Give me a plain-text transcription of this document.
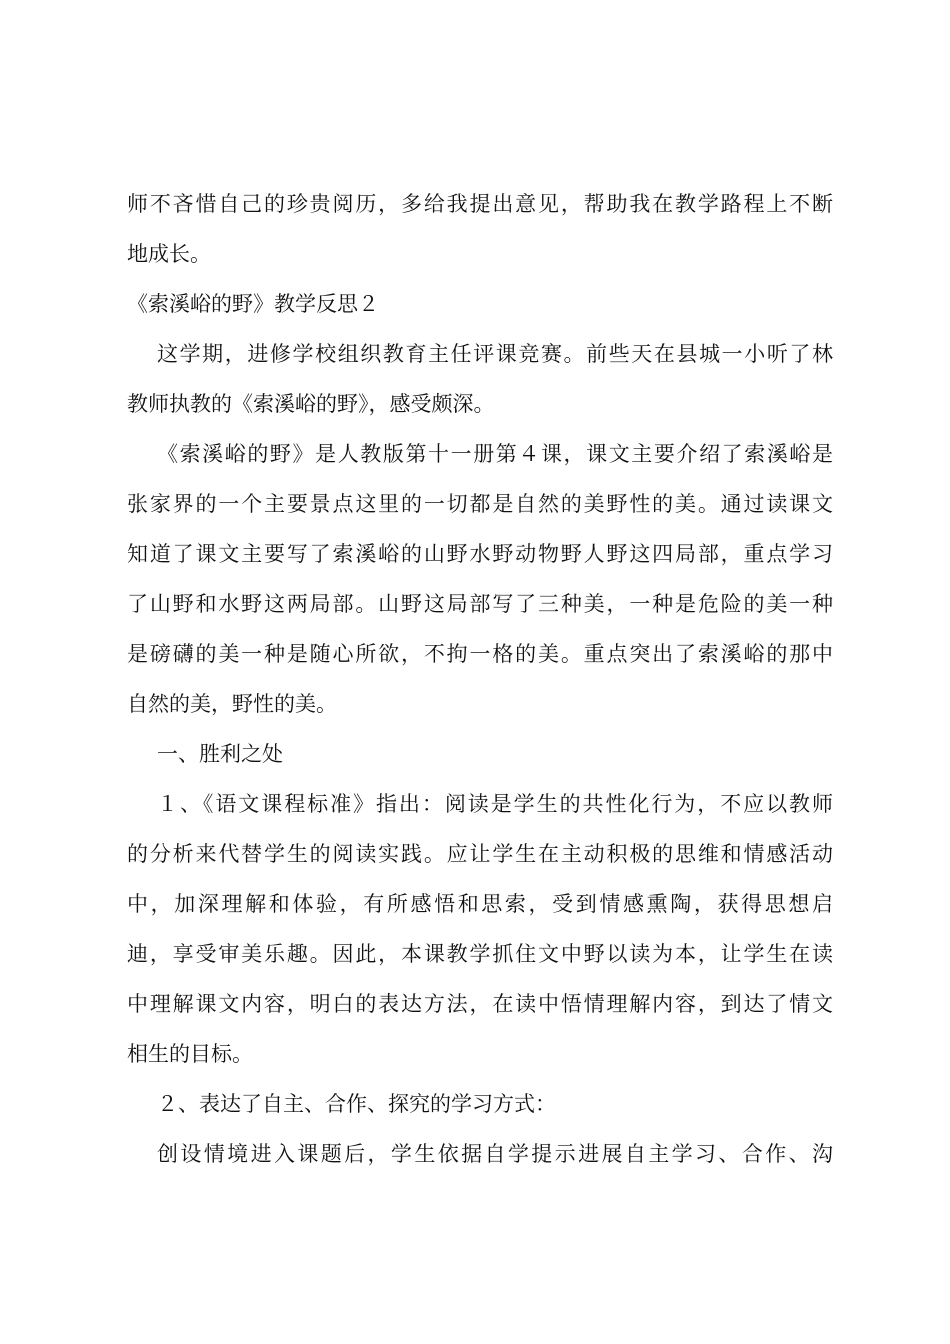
师不吝惜自己的珍贵阅历，多给我提出意见，帮助我在教学路程上不断
地成长。
《索溪峪的野》教学反思２
这学期，进修学校组织教育主任评课竞赛。前些天在县城一小听了林
教师执教的《索溪峪的野》，感受颇深。
《索溪峪的野》是人教版第十一册第４课，课文主要介绍了索溪峪是
张家界的一个主要景点这里的一切都是自然的美野性的美。通过读课文
知道了课文主要写了索溪峪的山野水野动物野人野这四局部，重点学习
了山野和水野这两局部。山野这局部写了三种美，一种是危险的美一种
是磅礴的美一种是随心所欲，不拘一格的美。重点突出了索溪峪的那中
自然的美，野性的美。
一、胜利之处
１、《语文课程标准》指出：阅读是学生的共性化行为，不应以教师
的分析来代替学生的阅读实践。应让学生在主动积极的思维和情感活动
中，加深理解和体验，有所感悟和思索，受到情感熏陶，获得思想启
迪，享受审美乐趣。因此，本课教学抓住文中野以读为本，让学生在读
中理解课文内容，明白的表达方法，在读中悟情理解内容，到达了情文
相生的目标。
２、表达了自主、合作、探究的学习方式：
创设情境进入课题后，学生依据自学提示进展自主学习、合作、沟
